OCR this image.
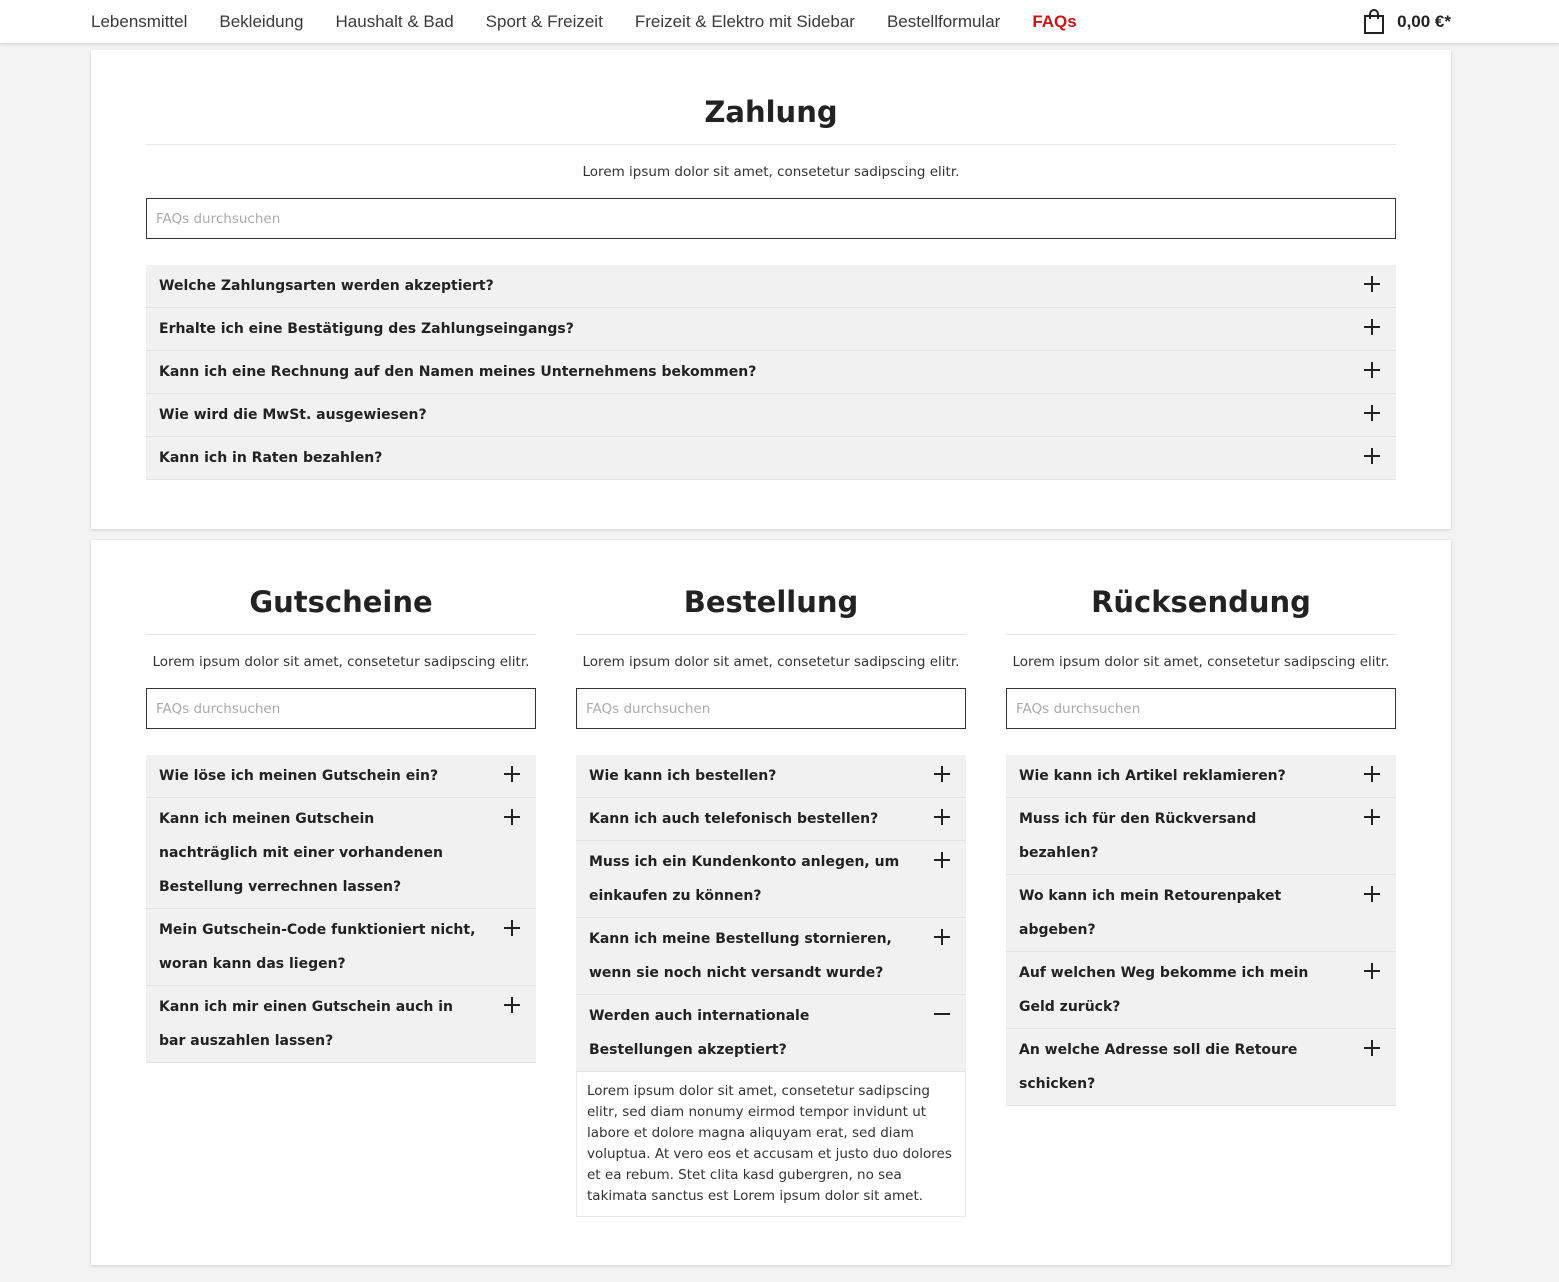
Lebensmittel Bekleidung Haushalt & Bad Sport & Freizeit Freizeit & Elektro mit Sidebar Bestellformular FAQs	0,00 €*
Zahlung

Lorem ipsum dolor sit amet, consetetur sadipscing elitr.

FAQs durchsuchen
Welche Zahlungsarten werden akzeptiert?
Erhalte ich eine Bestätigung des Zahlungseingangs?
Kann ich eine Rechnung auf den Namen meines Unternehmens bekommen?
Wie wird die MwSt. ausgewiesen?
Kann ich in Raten bezahlen?
Gutscheine

Lorem ipsum dolor sit amet, consetetur sadipscing elitr.

FAQs durchsuchen
Wie löse ich meinen Gutschein ein?
Kann ich meinen Gutschein nachträglich mit einer vorhandenen Bestellung verrechnen lassen?
Mein Gutschein-Code funktioniert nicht, woran kann das liegen?
Kann ich mir einen Gutschein auch in bar auszahlen lassen?
Bestellung

Lorem ipsum dolor sit amet, consetetur sadipscing elitr.

FAQs durchsuchen
Wie kann ich bestellen?
Kann ich auch telefonisch bestellen?
Muss ich ein Kundenkonto anlegen, um einkaufen zu können?
Kann ich meine Bestellung stornieren, wenn sie noch nicht versandt wurde?
Werden auch internationale Bestellungen akzeptiert?
Lorem ipsum dolor sit amet, consetetur sadipscing elitr, sed diam nonumy eirmod tempor invidunt ut labore et dolore magna aliquyam erat, sed diam voluptua. At vero eos et accusam et justo duo dolores et ea rebum. Stet clita kasd gubergren, no sea takimata sanctus est Lorem ipsum dolor sit amet.
Rücksendung

Lorem ipsum dolor sit amet, consetetur sadipscing elitr.

FAQs durchsuchen
Wie kann ich Artikel reklamieren?
Muss ich für den Rückversand bezahlen?
Wo kann ich mein Retourenpaket abgeben?
Auf welchen Weg bekomme ich mein Geld zurück?
An welche Adresse soll die Retoure schicken?
